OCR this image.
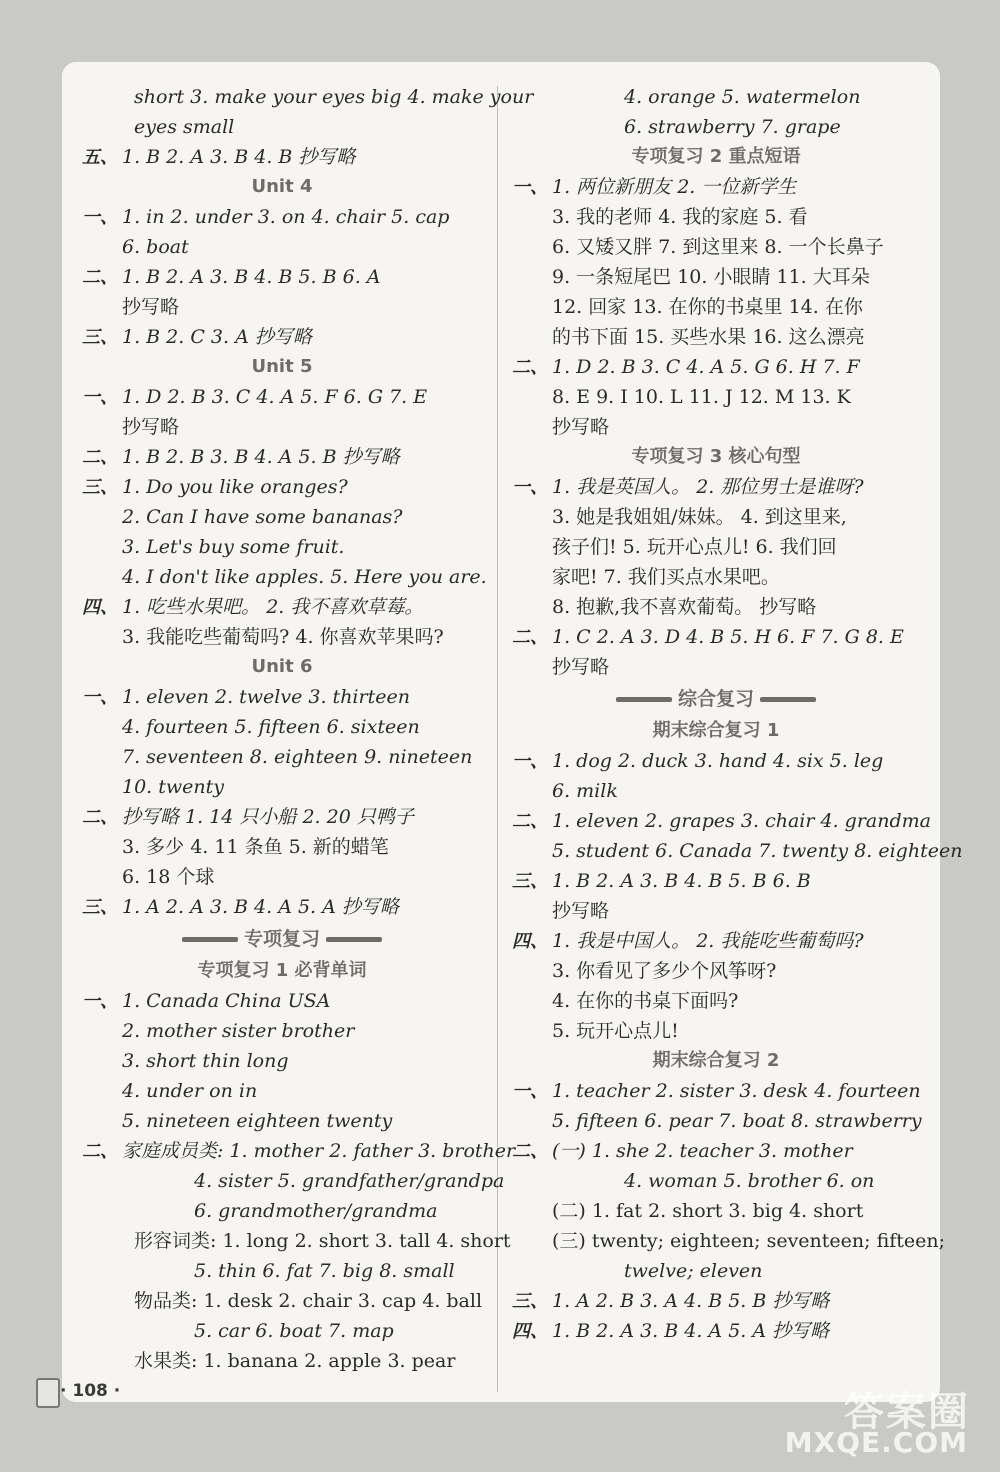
short 3. make your eyes big 4. make your
eyes small
五、 1. B 2. A 3. B 4. B 抄写略
Unit 4
一、 1. in 2. under 3. on 4. chair 5. cap
6. boat
二、 1. B 2. A 3. B 4. B 5. B 6. A
抄写略
三、 1. B 2. C 3. A 抄写略
Unit 5
一、 1. D 2. B 3. C 4. A 5. F 6. G 7. E
抄写略
二、 1. B 2. B 3. B 4. A 5. B 抄写略
三、 1. Do you like oranges?
2. Can I have some bananas?
3. Let's buy some fruit.
4. I don't like apples. 5. Here you are.
四、 1. 吃些水果吧。 2. 我不喜欢草莓。
3. 我能吃些葡萄吗? 4. 你喜欢苹果吗?
Unit 6
一、 1. eleven 2. twelve 3. thirteen
4. fourteen 5. fifteen 6. sixteen
7. seventeen 8. eighteen 9. nineteen
10. twenty
二、 抄写略 1. 14 只小船 2. 20 只鸭子
3. 多少 4. 11 条鱼 5. 新的蜡笔
6. 18 个球
三、 1. A 2. A 3. B 4. A 5. A 抄写略
专项复习
专项复习 1 必背单词
一、 1. Canada China USA
2. mother sister brother
3. short thin long
4. under on in
5. nineteen eighteen twenty
二、 家庭成员类: 1. mother 2. father 3. brother
4. sister 5. grandfather/grandpa
6. grandmother/grandma
形容词类: 1. long 2. short 3. tall 4. short
5. thin 6. fat 7. big 8. small
物品类: 1. desk 2. chair 3. cap 4. ball
5. car 6. boat 7. map
水果类: 1. banana 2. apple 3. pear
4. orange 5. watermelon
6. strawberry 7. grape
专项复习 2 重点短语
一、 1. 两位新朋友 2. 一位新学生
3. 我的老师 4. 我的家庭 5. 看
6. 又矮又胖 7. 到这里来 8. 一个长鼻子
9. 一条短尾巴 10. 小眼睛 11. 大耳朵
12. 回家 13. 在你的书桌里 14. 在你
的书下面 15. 买些水果 16. 这么漂亮
二、 1. D 2. B 3. C 4. A 5. G 6. H 7. F
8. E 9. I 10. L 11. J 12. M 13. K
抄写略
专项复习 3 核心句型
一、 1. 我是英国人。 2. 那位男士是谁呀?
3. 她是我姐姐/妹妹。 4. 到这里来,
孩子们! 5. 玩开心点儿! 6. 我们回
家吧! 7. 我们买点水果吧。
8. 抱歉,我不喜欢葡萄。 抄写略
二、 1. C 2. A 3. D 4. B 5. H 6. F 7. G 8. E
抄写略
综合复习
期末综合复习 1
一、 1. dog 2. duck 3. hand 4. six 5. leg
6. milk
二、 1. eleven 2. grapes 3. chair 4. grandma
5. student 6. Canada 7. twenty 8. eighteen
三、 1. B 2. A 3. B 4. B 5. B 6. B
抄写略
四、 1. 我是中国人。 2. 我能吃些葡萄吗?
3. 你看见了多少个风筝呀?
4. 在你的书桌下面吗?
5. 玩开心点儿!
期末综合复习 2
一、 1. teacher 2. sister 3. desk 4. fourteen
5. fifteen 6. pear 7. boat 8. strawberry
二、 (一) 1. she 2. teacher 3. mother
4. woman 5. brother 6. on
(二) 1. fat 2. short 3. big 4. short
(三) twenty; eighteen; seventeen; fifteen;
twelve; eleven
三、 1. A 2. B 3. A 4. B 5. B 抄写略
四、 1. B 2. A 3. B 4. A 5. A 抄写略
· 108 ·	答案圈
MXQE.COM
